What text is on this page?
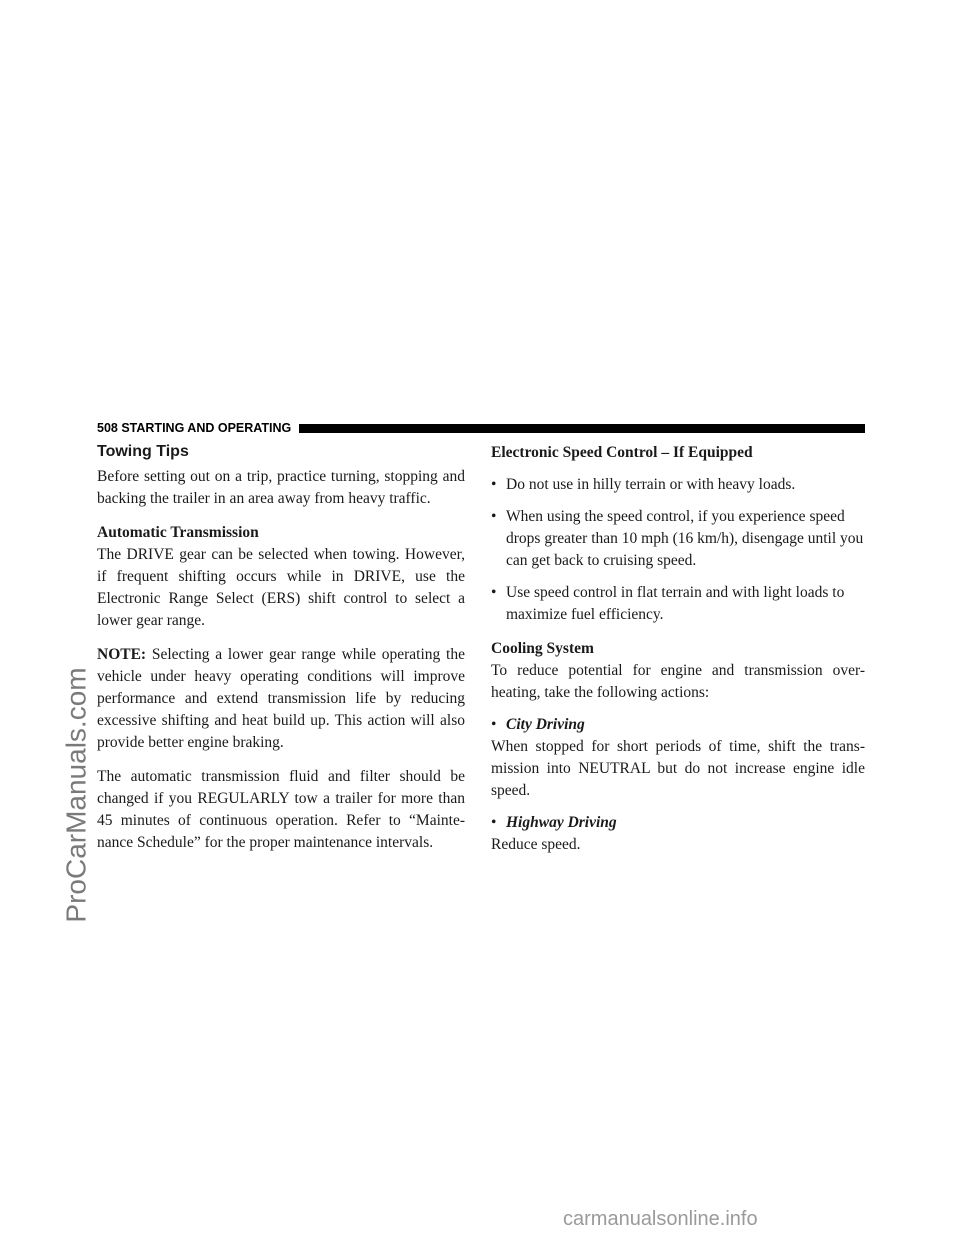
ProCarManuals.com
508 STARTING AND OPERATING
Towing Tips

Before setting out on a trip, practice turning, stopping and backing the trailer in an area away from heavy traffic.

Automatic Transmission

The DRIVE gear can be selected when towing. However, if frequent shifting occurs while in DRIVE, use the Electronic Range Select (ERS) shift control to select a lower gear range.

NOTE: Selecting a lower gear range while operating the vehicle under heavy operating conditions will improve performance and extend transmission life by reducing excessive shifting and heat build up. This action will also provide better engine braking.

The automatic transmission fluid and filter should be changed if you REGULARLY tow a trailer for more than 45 minutes of continuous operation. Refer to “Mainte-nance Schedule” for the proper maintenance intervals.

Electronic Speed Control – If Equipped
• Do not use in hilly terrain or with heavy loads.
• When using the speed control, if you experience speed drops greater than 10 mph (16 km/h), disengage until you can get back to cruising speed.
• Use speed control in flat terrain and with light loads to maximize fuel efficiency.
Cooling System

To reduce potential for engine and transmission over-heating, take the following actions:

• City Driving

When stopped for short periods of time, shift the trans-mission into NEUTRAL but do not increase engine idle speed.

• Highway Driving

Reduce speed.

carmanualsonline.info
